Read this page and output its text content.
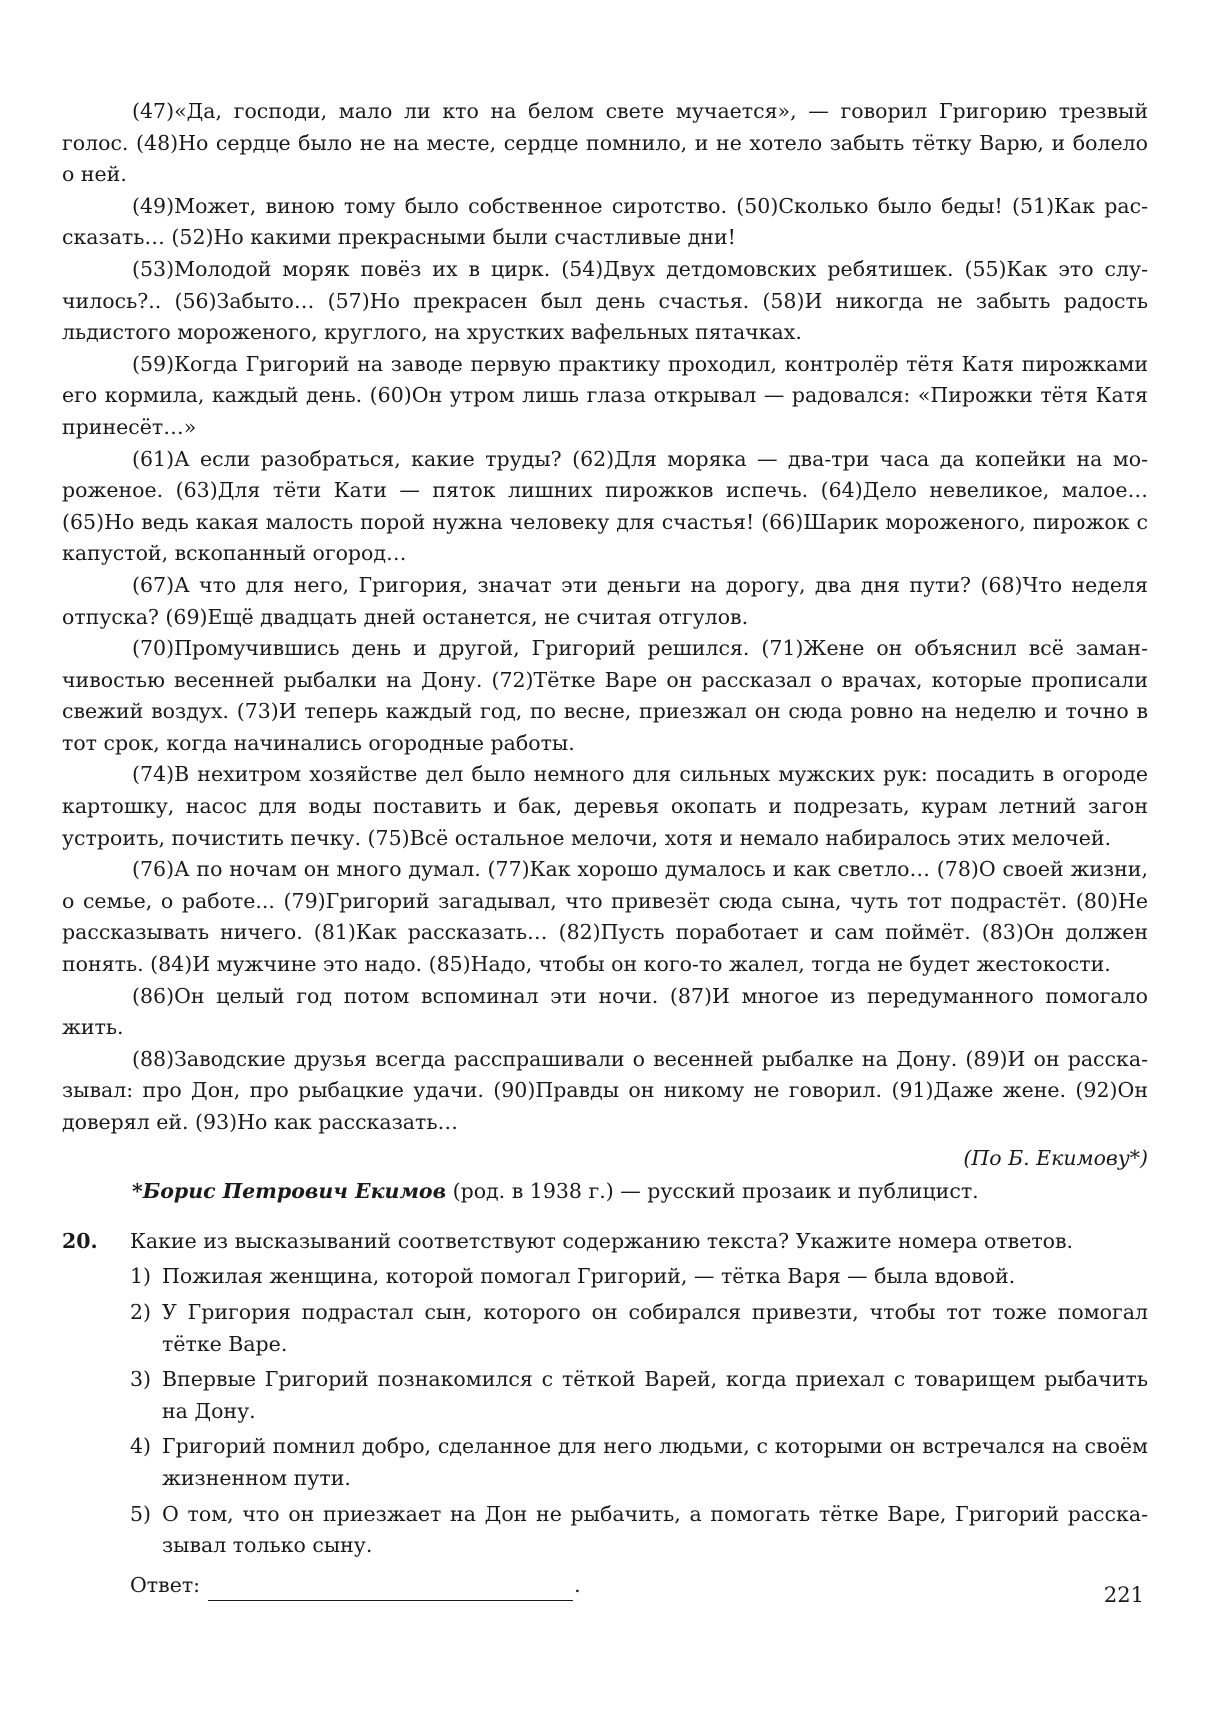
(47)«Да, господи, мало ли кто на белом свете мучается», — говорил Григорию трезвый голос. (48)Но сердце было не на месте, сердце помнило, и не хотело забыть тётку Варю, и болело о ней.

(49)Может, виною тому было собственное сиротство. (50)Сколько было беды! (51)Как рассказать… (52)Но какими прекрасными были счастливые дни!

(53)Молодой моряк повёз их в цирк. (54)Двух детдомовских ребятишек. (55)Как это случилось?.. (56)Забыто… (57)Но прекрасен был день счастья. (58)И никогда не забыть радость льдистого мороженого, круглого, на хрустких вафельных пятачках.

(59)Когда Григорий на заводе первую практику проходил, контролёр тётя Катя пирожками его кормила, каждый день. (60)Он утром лишь глаза открывал — радовался: «Пирожки тётя Катя принесёт…»

(61)А если разобраться, какие труды? (62)Для моряка — два-три часа да копейки на мороженое. (63)Для тёти Кати — пяток лишних пирожков испечь. (64)Дело невеликое, малое… (65)Но ведь какая малость порой нужна человеку для счастья! (66)Шарик мороженого, пирожок с капустой, вскопанный огород…

(67)А что для него, Григория, значат эти деньги на дорогу, два дня пути? (68)Что неделя отпуска? (69)Ещё двадцать дней останется, не считая отгулов.

(70)Промучившись день и другой, Григорий решился. (71)Жене он объяснил всё заманчивостью весенней рыбалки на Дону. (72)Тётке Варе он рассказал о врачах, которые прописали свежий воздух. (73)И теперь каждый год, по весне, приезжал он сюда ровно на неделю и точно в тот срок, когда начинались огородные работы.

(74)В нехитром хозяйстве дел было немного для сильных мужских рук: посадить в огороде картошку, насос для воды поставить и бак, деревья окопать и подрезать, курам летний загон устроить, почистить печку. (75)Всё остальное мелочи, хотя и немало набиралось этих мелочей.

(76)А по ночам он много думал. (77)Как хорошо думалось и как светло… (78)О своей жизни, о семье, о работе... (79)Григорий загадывал, что привезёт сюда сына, чуть тот подрастёт. (80)Не рассказывать ничего. (81)Как рассказать… (82)Пусть поработает и сам поймёт. (83)Он должен понять. (84)И мужчине это надо. (85)Надо, чтобы он кого-то жалел, тогда не будет жестокости.

(86)Он целый год потом вспоминал эти ночи. (87)И многое из передуманного помогало жить.

(88)Заводские друзья всегда расспрашивали о весенней рыбалке на Дону. (89)И он рассказывал: про Дон, про рыбацкие удачи. (90)Правды он никому не говорил. (91)Даже жене. (92)Он доверял ей. (93)Но как рассказать…

(По Б. Екимову*)

*Борис Петрович Екимов (род. в 1938 г.) — русский прозаик и публицист.

20. Какие из высказываний соответствуют содержанию текста? Укажите номера ответов.

1) Пожилая женщина, которой помогал Григорий, — тётка Варя — была вдовой.
2) У Григория подрастал сын, которого он собирался привезти, чтобы тот тоже помогал тётке Варе.
3) Впервые Григорий познакомился с тёткой Варей, когда приехал с товарищем рыбачить на Дону.
4) Григорий помнил добро, сделанное для него людьми, с которыми он встречался на своём жизненном пути.
5) О том, что он приезжает на Дон не рыбачить, а помогать тётке Варе, Григорий рассказывал только сыну.
Ответ:	.	221
